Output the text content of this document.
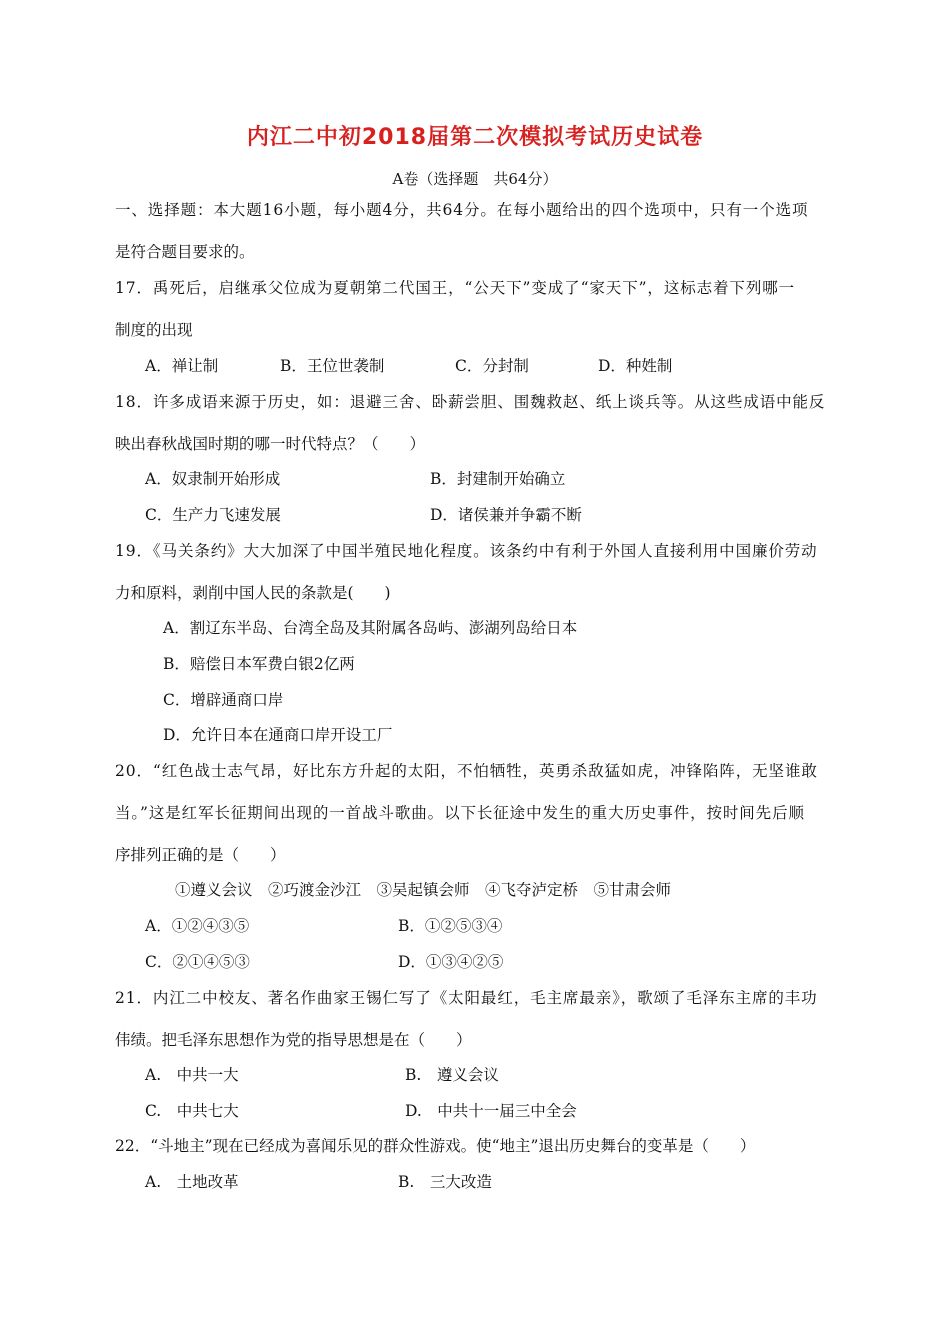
内江二中初2018届第二次模拟考试历史试卷
A卷（选择题　共64分）
一、选择题：本大题16小题，每小题4分，共64分。在每小题给出的四个选项中，只有一个选项
是符合题目要求的。
17．禹死后，启继承父位成为夏朝第二代国王，“公天下”变成了“家天下”，这标志着下列哪一
制度的出现
A．禅让制	B．王位世袭制	C．分封制	D．种姓制
18．许多成语来源于历史，如：退避三舍、卧薪尝胆、围魏救赵、纸上谈兵等。从这些成语中能反
映出春秋战国时期的哪一时代特点？（　　）
A．奴隶制开始形成	B．封建制开始确立
C．生产力飞速发展	D．诸侯兼并争霸不断
19．《马关条约》大大加深了中国半殖民地化程度。该条约中有利于外国人直接利用中国廉价劳动
力和原料，剥削中国人民的条款是(　　)
A．割辽东半岛、台湾全岛及其附属各岛屿、澎湖列岛给日本
B．赔偿日本军费白银2亿两
C．增辟通商口岸
D．允许日本在通商口岸开设工厂
20．“红色战士志气昂，好比东方升起的太阳，不怕牺牲，英勇杀敌猛如虎，冲锋陷阵，无坚谁敢
当。”这是红军长征期间出现的一首战斗歌曲。以下长征途中发生的重大历史事件，按时间先后顺
序排列正确的是（　　）
①遵义会议　②巧渡金沙江　③吴起镇会师　④飞夺泸定桥　⑤甘肃会师
A．①②④③⑤	B．①②⑤③④
C．②①④⑤③	D．①③④②⑤
21．内江二中校友、著名作曲家王锡仁写了《太阳最红，毛主席最亲》，歌颂了毛泽东主席的丰功
伟绩。把毛泽东思想作为党的指导思想是在（　　）
A.　中共一大	B.　遵义会议
C.　中共七大	D.　中共十一届三中全会
22．“斗地主”现在已经成为喜闻乐见的群众性游戏。使“地主”退出历史舞台的变革是（　　）
A.　土地改革	B.　三大改造
